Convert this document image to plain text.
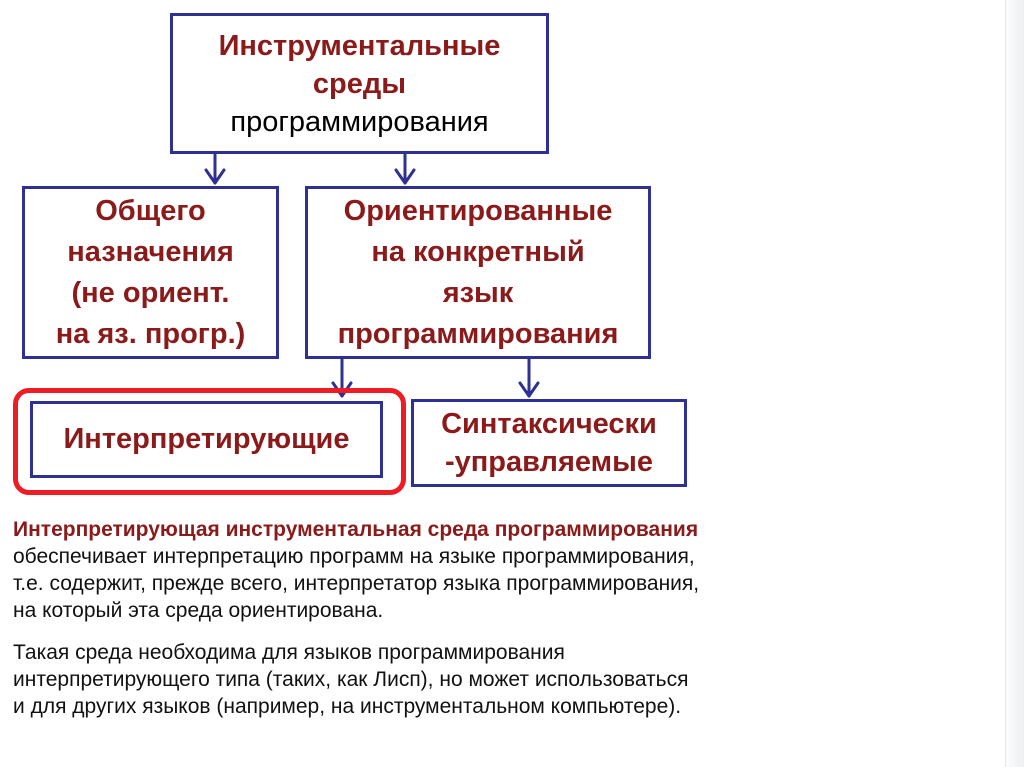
Инструментальные
среды
программирования
Общего
назначения
(не ориент.
на яз. прогр.)
Ориентированные
на конкретный
язык
программирования
Интерпретирующие	Синтаксически
-управляемые

Интерпретирующая инструментальная среда программирования
обеспечивает интерпретацию программ на языке программирования,
т.е. содержит, прежде всего, интерпретатор языка программирования,
на который эта среда ориентирована.

Такая среда необходима для языков программирования
интерпретирующего типа (таких, как Лисп), но может использоваться
и для других языков (например, на инструментальном компьютере).
